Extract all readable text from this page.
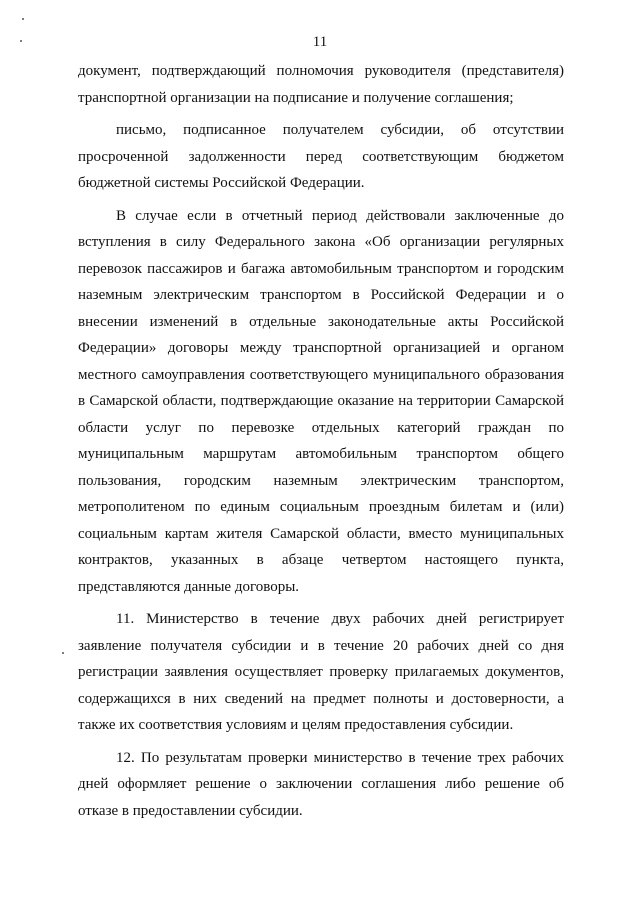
11

документ, подтверждающий полномочия руководителя (представителя) транспортной организации на подписание и получение соглашения;

письмо, подписанное получателем субсидии, об отсутствии просроченной задолженности перед соответствующим бюджетом бюджетной системы Российской Федерации.

В случае если в отчетный период действовали заключенные до вступления в силу Федерального закона «Об организации регулярных перевозок пассажиров и багажа автомобильным транспортом и городским наземным электрическим транспортом в Российской Федерации и о внесении изменений в отдельные законодательные акты Российской Федерации» договоры между транспортной организацией и органом местного самоуправления соответствующего муниципального образования в Самарской области, подтверждающие оказание на территории Самарской области услуг по перевозке отдельных категорий граждан по муниципальным маршрутам автомобильным транспортом общего пользования, городским наземным электрическим транспортом, метрополитеном по единым социальным проездным билетам и (или) социальным картам жителя Самарской области, вместо муниципальных контрактов, указанных в абзаце четвертом настоящего пункта, представляются данные договоры.

11. Министерство в течение двух рабочих дней регистрирует заявление получателя субсидии и в течение 20 рабочих дней со дня регистрации заявления осуществляет проверку прилагаемых документов, содержащихся в них сведений на предмет полноты и достоверности, а также их соответствия условиям и целям предоставления субсидии.

12. По результатам проверки министерство в течение трех рабочих дней оформляет решение о заключении соглашения либо решение об отказе в предоставлении субсидии.
